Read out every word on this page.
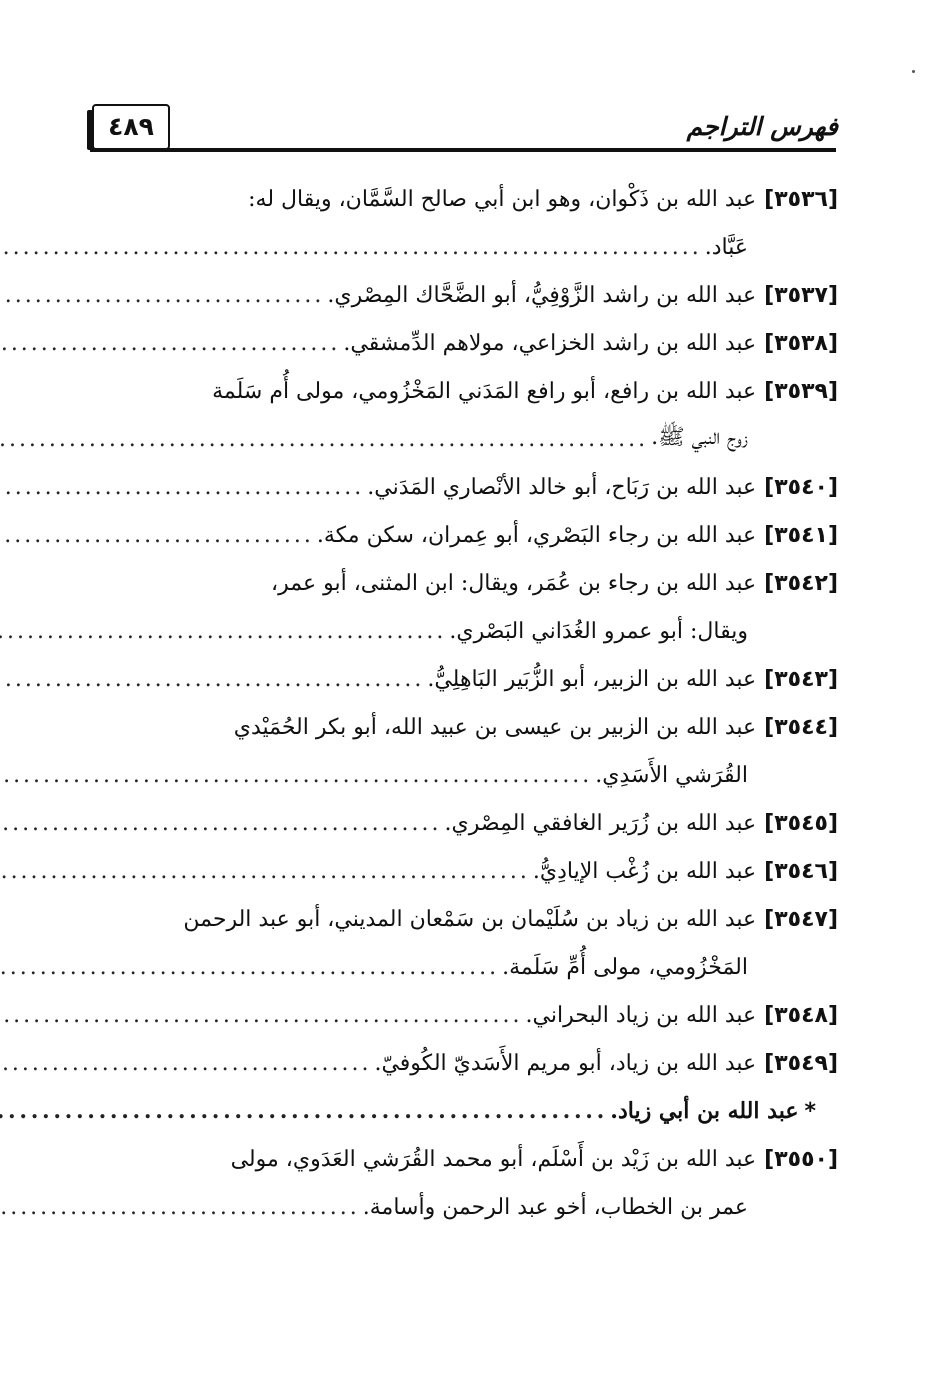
فهرس التراجم
٤٨٩
[٣٥٣٦]
عبد الله بن ذَكْوان، وهو ابن أبي صالح السَّمَّان، ويقال له:
عَبَّاد.
. . .
[٣٥٣٧]
عبد الله بن راشد الزَّوْفِيُّ، أبو الضَّحَّاك المِصْري.
. . .
[٣٥٣٨]
عبد الله بن راشد الخزاعي، مولاهم الدِّمشقي.
. . .
[٣٥٣٩]
عبد الله بن رافع، أبو رافع المَدَني المَخْزُومي، مولى أُم سَلَمة
زوج النبي ﷺ.
. . .
[٣٥٤٠]
عبد الله بن رَبَاح، أبو خالد الأنْصاري المَدَني.
. . .
[٣٥٤١]
عبد الله بن رجاء البَصْري، أبو عِمران، سكن مكة.
. . .
[٣٥٤٢]
عبد الله بن رجاء بن عُمَر، ويقال: ابن المثنى، أبو عمر،
ويقال: أبو عمرو الغُدَاني البَصْري.
. . .
[٣٥٤٣]
عبد الله بن الزبير، أبو الزُّبَير البَاهِلِيُّ.
. . .
[٣٥٤٤]
عبد الله بن الزبير بن عيسى بن عبيد الله، أبو بكر الحُمَيْدي
القُرَشي الأَسَدِي.
. . .
[٣٥٤٥]
عبد الله بن زُرَير الغافقي المِصْري.
. . .
[٣٥٤٦]
عبد الله بن زُغْب الإيادِيُّ.
. . .
[٣٥٤٧]
عبد الله بن زياد بن سُلَيْمان بن سَمْعان المديني، أبو عبد الرحمن
المَخْزُومي، مولى أُمِّ سَلَمة.
. . .
[٣٥٤٨]
عبد الله بن زياد البحراني.
. . .
[٣٥٤٩]
عبد الله بن زياد، أبو مريم الأَسَديّ الكُوفيّ.
. . .
*
عبد الله بن أبي زياد.
. . .
[٣٥٥٠]
عبد الله بن زَيْد بن أَسْلَم، أبو محمد القُرَشي العَدَوي، مولى
عمر بن الخطاب، أخو عبد الرحمن وأسامة.
. . .
